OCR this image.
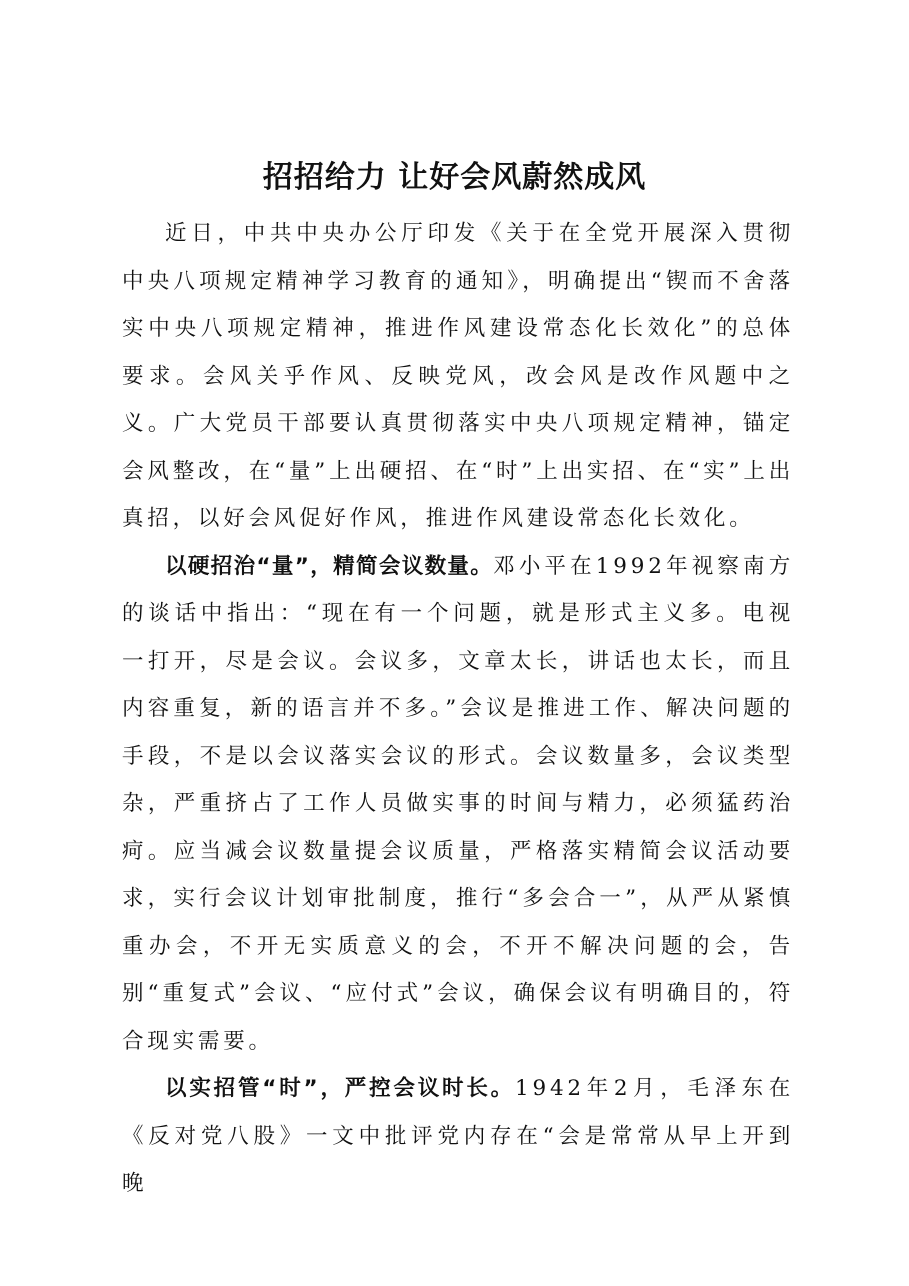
招招给力 让好会风蔚然成风

近日，中共中央办公厅印发《关于在全党开展深入贯彻中央八项规定精神学习教育的通知》，明确提出“锲而不舍落实中央八项规定精神，推进作风建设常态化长效化”的总体要求。会风关乎作风、反映党风，改会风是改作风题中之义。广大党员干部要认真贯彻落实中央八项规定精神，锚定会风整改，在“量”上出硬招、在“时”上出实招、在“实”上出真招，以好会风促好作风，推进作风建设常态化长效化。

以硬招治“量”，精简会议数量。邓小平在1992年视察南方的谈话中指出：“现在有一个问题，就是形式主义多。电视一打开，尽是会议。会议多，文章太长，讲话也太长，而且内容重复，新的语言并不多。”会议是推进工作、解决问题的手段，不是以会议落实会议的形式。会议数量多，会议类型杂，严重挤占了工作人员做实事的时间与精力，必须猛药治疴。应当减会议数量提会议质量，严格落实精简会议活动要求，实行会议计划审批制度，推行“多会合一”，从严从紧慎重办会，不开无实质意义的会，不开不解决问题的会，告别“重复式”会议、“应付式”会议，确保会议有明确目的，符合现实需要。

以实招管“时”，严控会议时长。1942年2月，毛泽东在《反对党八股》一文中批评党内存在“会是常常从早上开到晚
